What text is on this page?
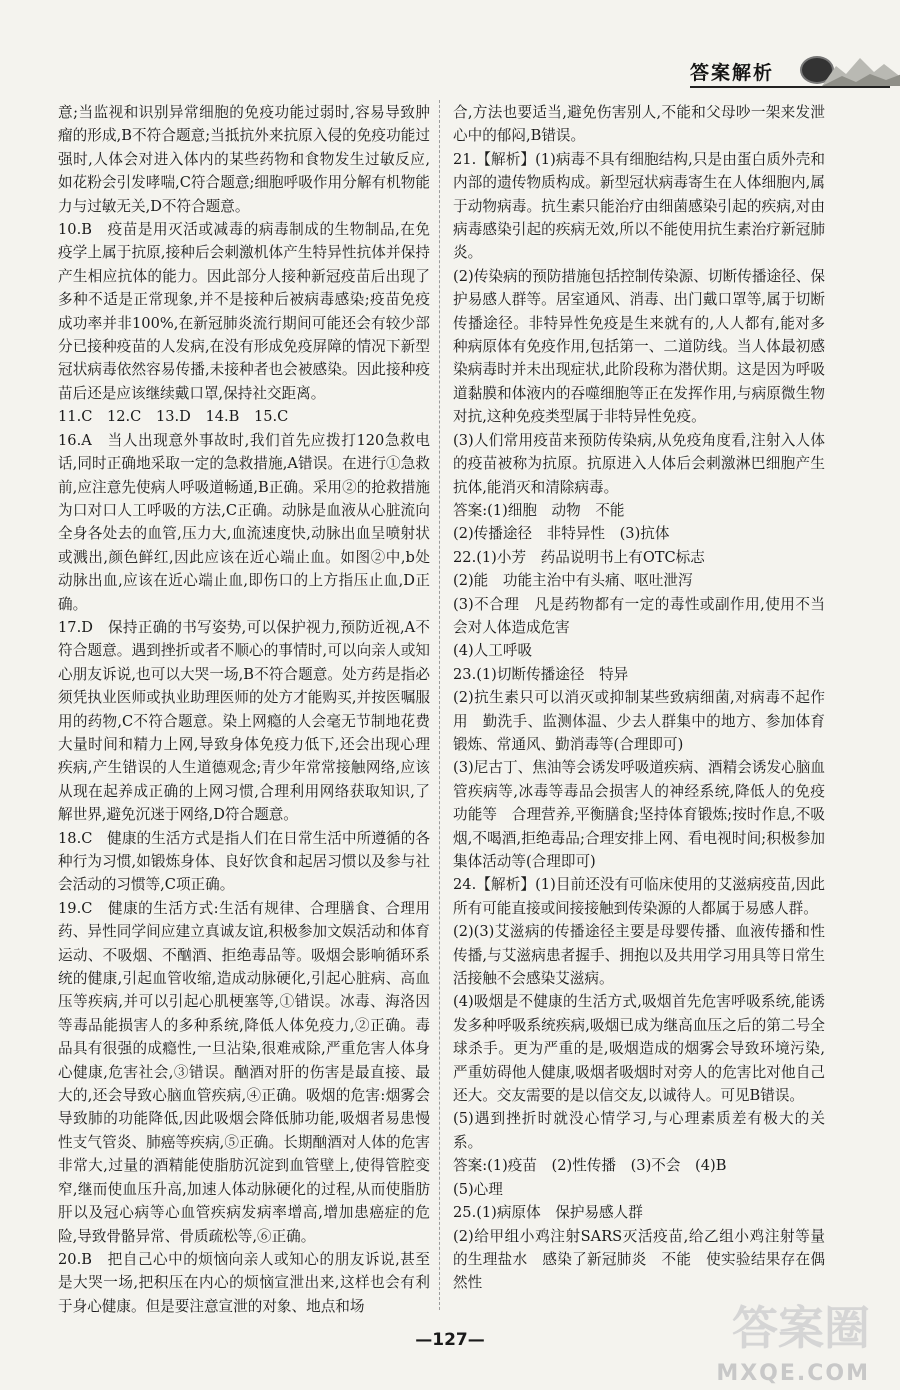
答案解析

意;当监视和识别异常细胞的免疫功能过弱时,容易导致肿瘤的形成,B不符合题意;当抵抗外来抗原入侵的免疫功能过强时,人体会对进入体内的某些药物和食物发生过敏反应,如花粉会引发哮喘,C符合题意;细胞呼吸作用分解有机物能力与过敏无关,D不符合题意。

10.B　疫苗是用灭活或减毒的病毒制成的生物制品,在免疫学上属于抗原,接种后会刺激机体产生特异性抗体并保持产生相应抗体的能力。因此部分人接种新冠疫苗后出现了多种不适是正常现象,并不是接种后被病毒感染;疫苗免疫成功率并非100%,在新冠肺炎流行期间可能还会有较少部分已接种疫苗的人发病,在没有形成免疫屏障的情况下新型冠状病毒依然容易传播,未接种者也会被感染。因此接种疫苗后还是应该继续戴口罩,保持社交距离。

11.C　12.C　13.D　14.B　15.C

16.A　当人出现意外事故时,我们首先应拨打120急救电话,同时正确地采取一定的急救措施,A错误。在进行①急救前,应注意先使病人呼吸道畅通,B正确。采用②的抢救措施为口对口人工呼吸的方法,C正确。动脉是血液从心脏流向全身各处去的血管,压力大,血流速度快,动脉出血呈喷射状或溅出,颜色鲜红,因此应该在近心端止血。如图②中,b处动脉出血,应该在近心端止血,即伤口的上方指压止血,D正确。

17.D　保持正确的书写姿势,可以保护视力,预防近视,A不符合题意。遇到挫折或者不顺心的事情时,可以向亲人或知心朋友诉说,也可以大哭一场,B不符合题意。处方药是指必须凭执业医师或执业助理医师的处方才能购买,并按医嘱服用的药物,C不符合题意。染上网瘾的人会毫无节制地花费大量时间和精力上网,导致身体免疫力低下,还会出现心理疾病,产生错误的人生道德观念;青少年常常接触网络,应该从现在起养成正确的上网习惯,合理利用网络获取知识,了解世界,避免沉迷于网络,D符合题意。

18.C　健康的生活方式是指人们在日常生活中所遵循的各种行为习惯,如锻炼身体、良好饮食和起居习惯以及参与社会活动的习惯等,C项正确。

19.C　健康的生活方式:生活有规律、合理膳食、合理用药、异性同学间应建立真诚友谊,积极参加文娱活动和体育运动、不吸烟、不酗酒、拒绝毒品等。吸烟会影响循环系统的健康,引起血管收缩,造成动脉硬化,引起心脏病、高血压等疾病,并可以引起心肌梗塞等,①错误。冰毒、海洛因等毒品能损害人的多种系统,降低人体免疫力,②正确。毒品具有很强的成瘾性,一旦沾染,很难戒除,严重危害人体身心健康,危害社会,③错误。酗酒对肝的伤害是最直接、最大的,还会导致心脑血管疾病,④正确。吸烟的危害:烟雾会导致肺的功能降低,因此吸烟会降低肺功能,吸烟者易患慢性支气管炎、肺癌等疾病,⑤正确。长期酗酒对人体的危害非常大,过量的酒精能使脂肪沉淀到血管壁上,使得管腔变窄,继而使血压升高,加速人体动脉硬化的过程,从而使脂肪肝以及冠心病等心血管疾病发病率增高,增加患癌症的危险,导致骨骼异常、骨质疏松等,⑥正确。

20.B　把自己心中的烦恼向亲人或知心的朋友诉说,甚至是大哭一场,把积压在内心的烦恼宣泄出来,这样也会有利于身心健康。但是要注意宣泄的对象、地点和场

合,方法也要适当,避免伤害别人,不能和父母吵一架来发泄心中的郁闷,B错误。

21.【解析】(1)病毒不具有细胞结构,只是由蛋白质外壳和内部的遗传物质构成。新型冠状病毒寄生在人体细胞内,属于动物病毒。抗生素只能治疗由细菌感染引起的疾病,对由病毒感染引起的疾病无效,所以不能使用抗生素治疗新冠肺炎。

(2)传染病的预防措施包括控制传染源、切断传播途径、保护易感人群等。居室通风、消毒、出门戴口罩等,属于切断传播途径。非特异性免疫是生来就有的,人人都有,能对多种病原体有免疫作用,包括第一、二道防线。当人体最初感染病毒时并未出现症状,此阶段称为潜伏期。这是因为呼吸道黏膜和体液内的吞噬细胞等正在发挥作用,与病原微生物对抗,这种免疫类型属于非特异性免疫。

(3)人们常用疫苗来预防传染病,从免疫角度看,注射入人体的疫苗被称为抗原。抗原进入人体后会刺激淋巴细胞产生抗体,能消灭和清除病毒。

答案:(1)细胞　动物　不能

(2)传播途径　非特异性　(3)抗体

22.(1)小芳　药品说明书上有OTC标志

(2)能　功能主治中有头痛、呕吐泄泻

(3)不合理　凡是药物都有一定的毒性或副作用,使用不当会对人体造成危害

(4)人工呼吸

23.(1)切断传播途径　特异

(2)抗生素只可以消灭或抑制某些致病细菌,对病毒不起作用　勤洗手、监测体温、少去人群集中的地方、参加体育锻炼、常通风、勤消毒等(合理即可)

(3)尼古丁、焦油等会诱发呼吸道疾病、酒精会诱发心脑血管疾病等,冰毒等毒品会损害人的神经系统,降低人的免疫功能等　合理营养,平衡膳食;坚持体育锻炼;按时作息,不吸烟,不喝酒,拒绝毒品;合理安排上网、看电视时间;积极参加集体活动等(合理即可)

24.【解析】(1)目前还没有可临床使用的艾滋病疫苗,因此所有可能直接或间接接触到传染源的人都属于易感人群。

(2)(3)艾滋病的传播途径主要是母婴传播、血液传播和性传播,与艾滋病患者握手、拥抱以及共用学习用具等日常生活接触不会感染艾滋病。

(4)吸烟是不健康的生活方式,吸烟首先危害呼吸系统,能诱发多种呼吸系统疾病,吸烟已成为继高血压之后的第二号全球杀手。更为严重的是,吸烟造成的烟雾会导致环境污染,严重妨碍他人健康,吸烟者吸烟时对旁人的危害比对他自己还大。交友需要的是以信交友,以诚待人。可见B错误。

(5)遇到挫折时就没心情学习,与心理素质差有极大的关系。

答案:(1)疫苗　(2)性传播　(3)不会　(4)B

(5)心理

25.(1)病原体　保护易感人群

(2)给甲组小鸡注射SARS灭活疫苗,给乙组小鸡注射等量的生理盐水　感染了新冠肺炎　不能　使实验结果存在偶然性

—127—	答案圈
MXQE.COM
